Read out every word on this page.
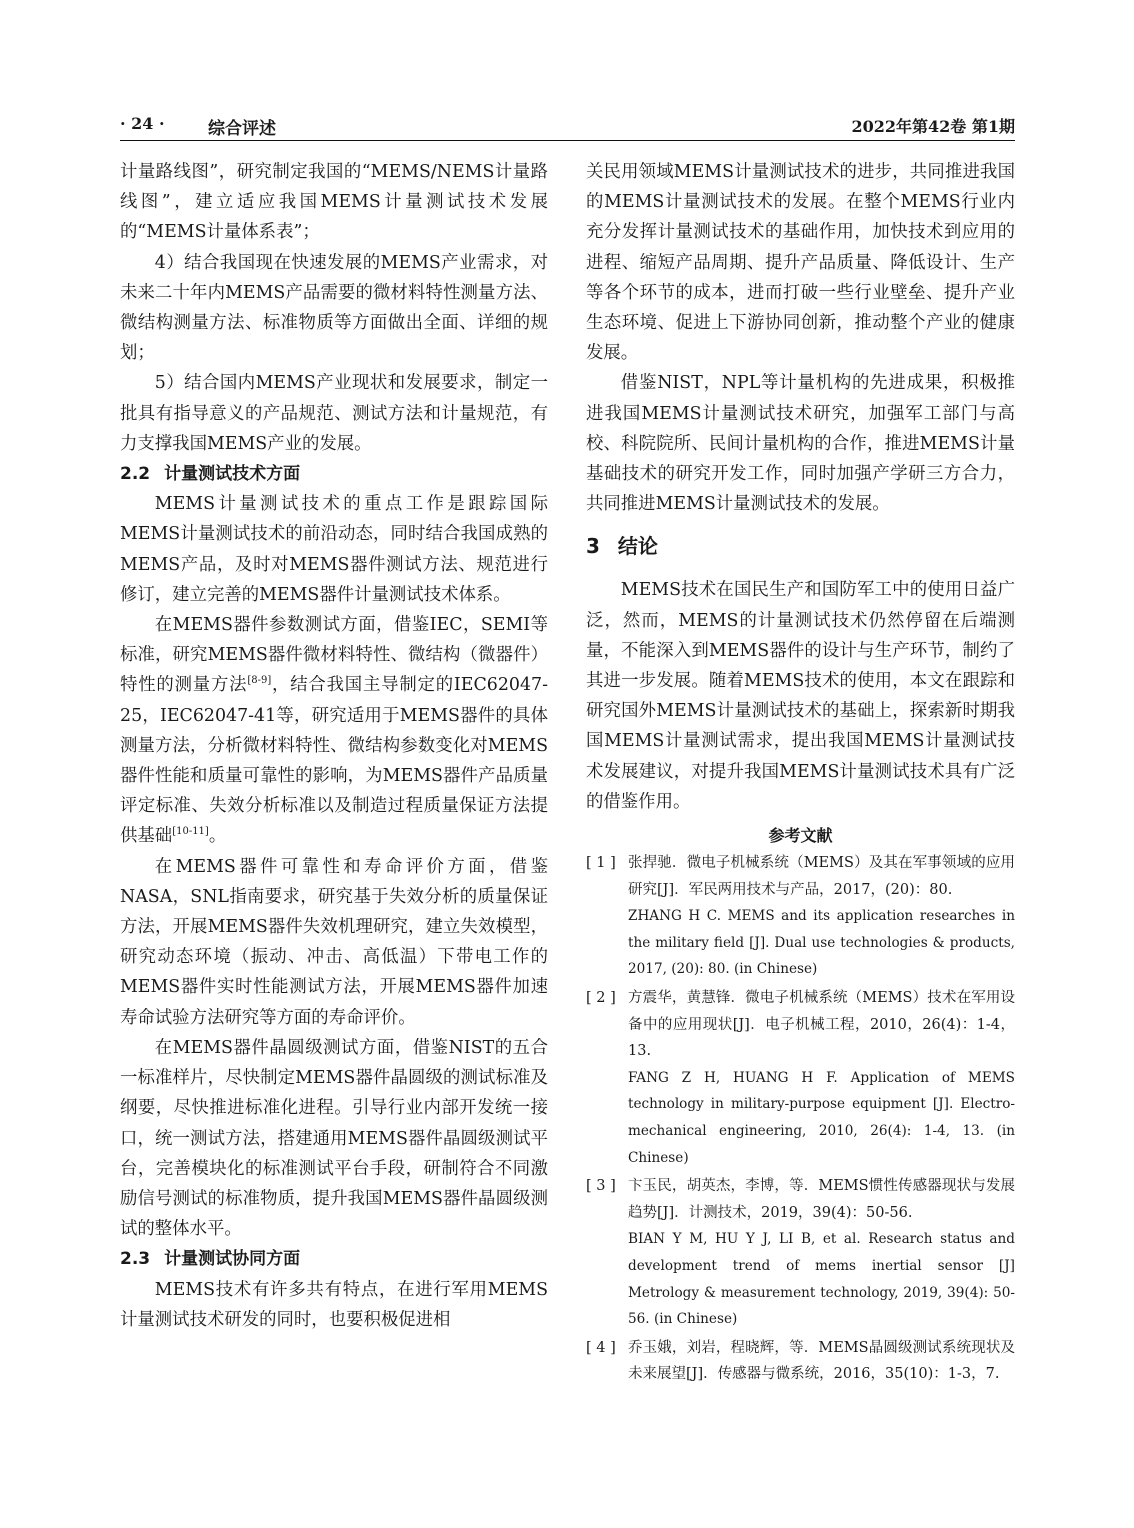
· 24 ·	综合评述	2022年第42卷 第1期

计量路线图”，研究制定我国的“MEMS/NEMS计量路线图”，建立适应我国MEMS计量测试技术发展的“MEMS计量体系表”；

4）结合我国现在快速发展的MEMS产业需求，对未来二十年内MEMS产品需要的微材料特性测量方法、微结构测量方法、标准物质等方面做出全面、详细的规划；

5）结合国内MEMS产业现状和发展要求，制定一批具有指导意义的产品规范、测试方法和计量规范，有力支撑我国MEMS产业的发展。

2.2 计量测试技术方面

MEMS计量测试技术的重点工作是跟踪国际MEMS计量测试技术的前沿动态，同时结合我国成熟的MEMS产品，及时对MEMS器件测试方法、规范进行修订，建立完善的MEMS器件计量测试技术体系。

在MEMS器件参数测试方面，借鉴IEC，SEMI等标准，研究MEMS器件微材料特性、微结构（微器件）特性的测量方法[8-9]，结合我国主导制定的IEC62047-25，IEC62047-41等，研究适用于MEMS器件的具体测量方法，分析微材料特性、微结构参数变化对MEMS器件性能和质量可靠性的影响，为MEMS器件产品质量评定标准、失效分析标准以及制造过程质量保证方法提供基础[10-11]。

在MEMS器件可靠性和寿命评价方面，借鉴NASA，SNL指南要求，研究基于失效分析的质量保证方法，开展MEMS器件失效机理研究，建立失效模型，研究动态环境（振动、冲击、高低温）下带电工作的MEMS器件实时性能测试方法，开展MEMS器件加速寿命试验方法研究等方面的寿命评价。

在MEMS器件晶圆级测试方面，借鉴NIST的五合一标准样片，尽快制定MEMS器件晶圆级的测试标准及纲要，尽快推进标准化进程。引导行业内部开发统一接口，统一测试方法，搭建通用MEMS器件晶圆级测试平台，完善模块化的标准测试平台手段，研制符合不同激励信号测试的标准物质，提升我国MEMS器件晶圆级测试的整体水平。

2.3 计量测试协同方面

MEMS技术有许多共有特点，在进行军用MEMS计量测试技术研发的同时，也要积极促进相

关民用领域MEMS计量测试技术的进步，共同推进我国的MEMS计量测试技术的发展。在整个MEMS行业内充分发挥计量测试技术的基础作用，加快技术到应用的进程、缩短产品周期、提升产品质量、降低设计、生产等各个环节的成本，进而打破一些行业壁垒、提升产业生态环境、促进上下游协同创新，推动整个产业的健康发展。

借鉴NIST，NPL等计量机构的先进成果，积极推进我国MEMS计量测试技术研究，加强军工部门与高校、科院院所、民间计量机构的合作，推进MEMS计量基础技术的研究开发工作，同时加强产学研三方合力，共同推进MEMS计量测试技术的发展。

3 结论

MEMS技术在国民生产和国防军工中的使用日益广泛，然而，MEMS的计量测试技术仍然停留在后端测量，不能深入到MEMS器件的设计与生产环节，制约了其进一步发展。随着MEMS技术的使用，本文在跟踪和研究国外MEMS计量测试技术的基础上，探索新时期我国MEMS计量测试需求，提出我国MEMS计量测试技术发展建议，对提升我国MEMS计量测试技术具有广泛的借鉴作用。

参考文献
[ 1 ] 张捍驰．微电子机械系统（MEMS）及其在军事领域的应用研究[J]．军民两用技术与产品，2017，(20)：80.
ZHANG H C. MEMS and its application researches in the military field [J]. Dual use technologies & products, 2017, (20): 80. (in Chinese)
[ 2 ] 方震华，黄慧锋．微电子机械系统（MEMS）技术在军用设备中的应用现状[J]．电子机械工程，2010，26(4)：1-4，13.
FANG Z H, HUANG H F. Application of MEMS technology in military-purpose equipment [J]. Electro-mechanical engineering, 2010, 26(4): 1-4, 13. (in Chinese)
[ 3 ] 卞玉民，胡英杰，李博，等．MEMS惯性传感器现状与发展趋势[J]．计测技术，2019，39(4)：50-56.
BIAN Y M, HU Y J, LI B, et al. Research status and development trend of mems inertial sensor [J] Metrology & measurement technology, 2019, 39(4): 50-56. (in Chinese)
[ 4 ] 乔玉娥，刘岩，程晓辉，等．MEMS晶圆级测试系统现状及未来展望[J]．传感器与微系统，2016，35(10)：1-3，7.
